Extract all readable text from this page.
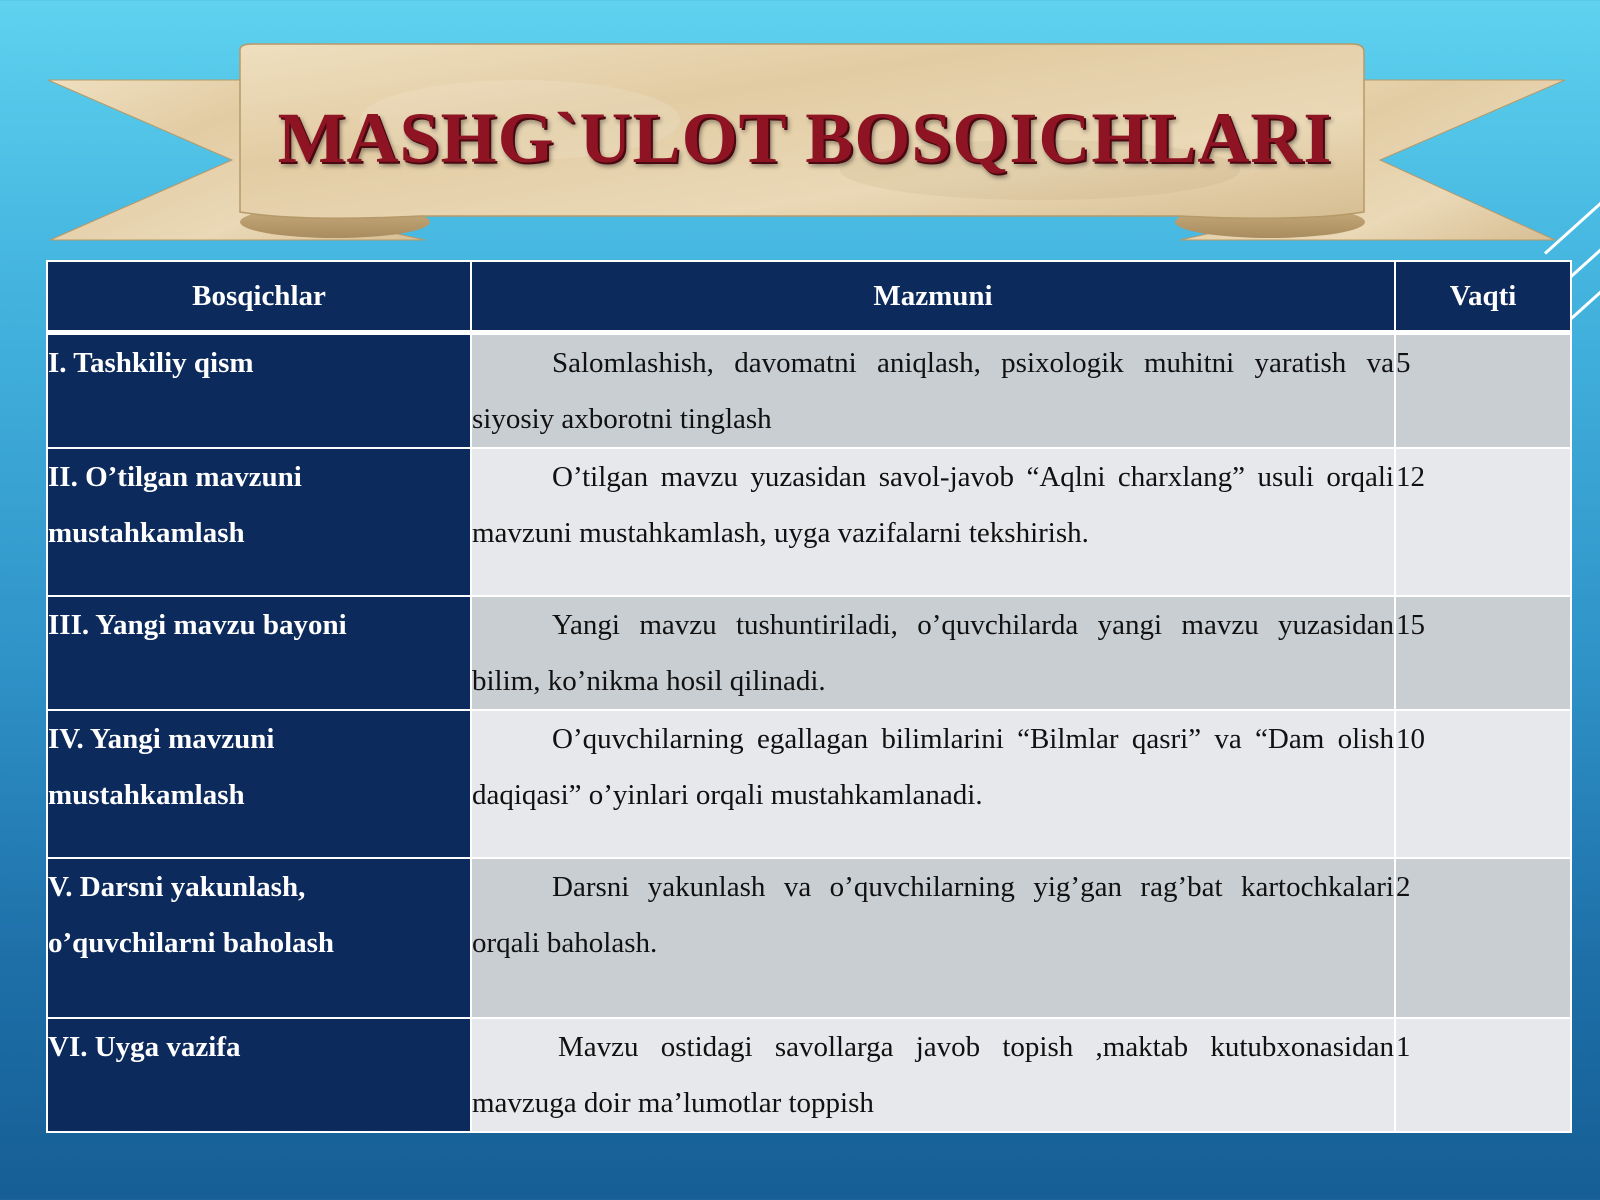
MASHG`ULOT BOSQICHLARI
Bosqichlar	Mazmuni	Vaqti
I. Tashkiliy qism	Salomlashish, davomatni aniqlash, psixologik muhitni yaratish va siyosiy axborotni tinglash	5
II. O’tilgan mavzuni mustahkamlash	O’tilgan mavzu yuzasidan savol-javob “Aqlni charxlang” usuli orqali mavzuni mustahkamlash, uyga vazifalarni tekshirish.	12
III. Yangi mavzu bayoni	Yangi mavzu tushuntiriladi, o’quvchilarda yangi mavzu yuzasidan bilim, ko’nikma hosil qilinadi.	15
IV. Yangi mavzuni mustahkamlash	O’quvchilarning egallagan bilimlarini “Bilmlar qasri” va “Dam olish daqiqasi” o’yinlari orqali mustahkamlanadi.	10
V. Darsni yakunlash, o’quvchilarni baholash	Darsni yakunlash va o’quvchilarning yig’gan rag’bat kartochkalari orqali baholash.	2
VI. Uyga vazifa	Mavzu ostidagi savollarga javob topish ,maktab kutubxonasidan mavzuga doir ma’lumotlar toppish	1
